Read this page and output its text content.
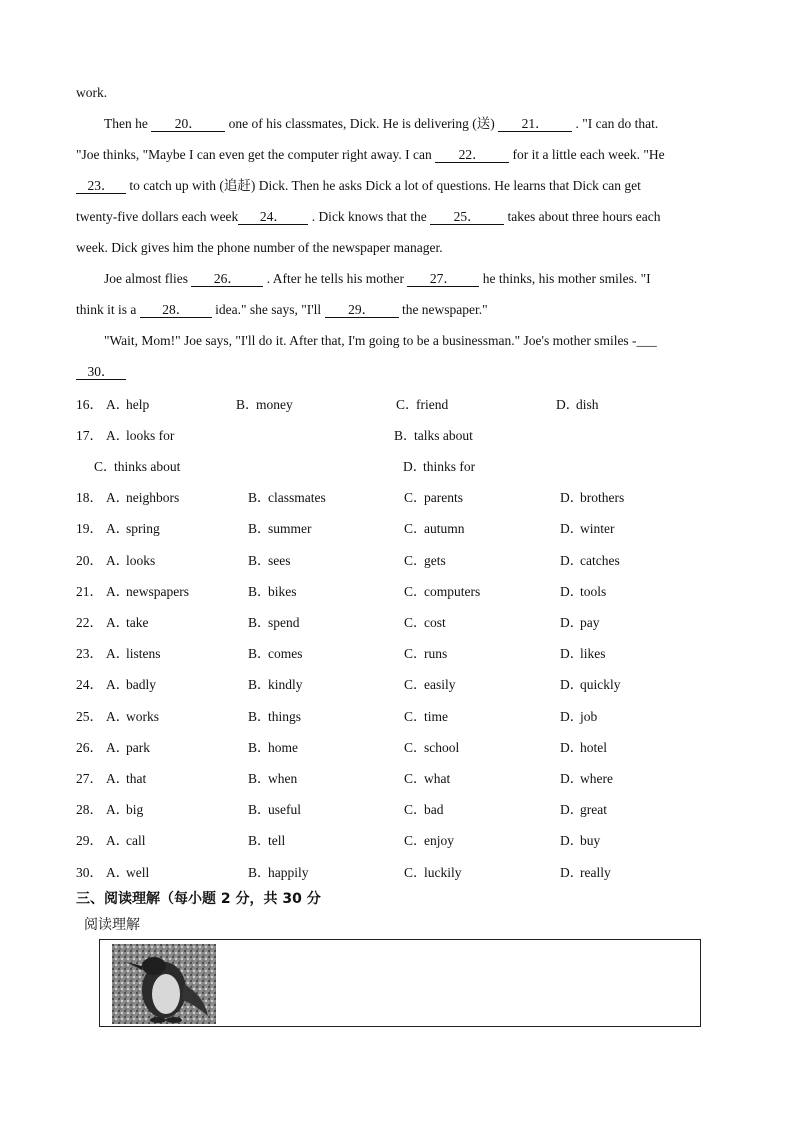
work.
Then he 20． one of his classmates, Dick. He is delivering (送) 21． . "I can do that.
"Joe thinks, "Maybe I can even get the computer right away. I can 22． for it a little each week. "He
23． to catch up with (追赶) Dick. Then he asks Dick a lot of questions. He learns that Dick can get
twenty-five dollars each week 24． . Dick knows that the 25． takes about three hours each
week. Dick gives him the phone number of the newspaper manager.
Joe almost flies 26． . After he tells his mother 27． he thinks, his mother smiles. "I
think it is a 28． idea." she says, "I'll 29． the newspaper."
"Wait, Mom!" Joe says, "I'll do it. After that, I'm going to be a businessman." Joe's mother smiles -___
30．
16． A．help	B．money	C．friend	D．dish
17． A．looks for	B．talks about
C．thinks about	D．thinks for
18． A．neighbors	B．classmates	C．parents	D．brothers
19． A．spring	B．summer	C．autumn	D．winter
20． A．looks	B．sees	C．gets	D．catches
21． A．newspapers	B．bikes	C．computers	D．tools
22． A．take	B．spend	C．cost	D．pay
23． A．listens	B．comes	C．runs	D．likes
24． A．badly	B．kindly	C．easily	D．quickly
25． A．works	B．things	C．time	D．job
26． A．park	B．home	C．school	D．hotel
27． A．that	B．when	C．what	D．where
28． A．big	B．useful	C．bad	D．great
29． A．call	B．tell	C．enjoy	D．buy
30． A．well	B．happily	C．luckily	D．really
三、阅读理解（每小题 2 分，共 30 分
阅读理解
